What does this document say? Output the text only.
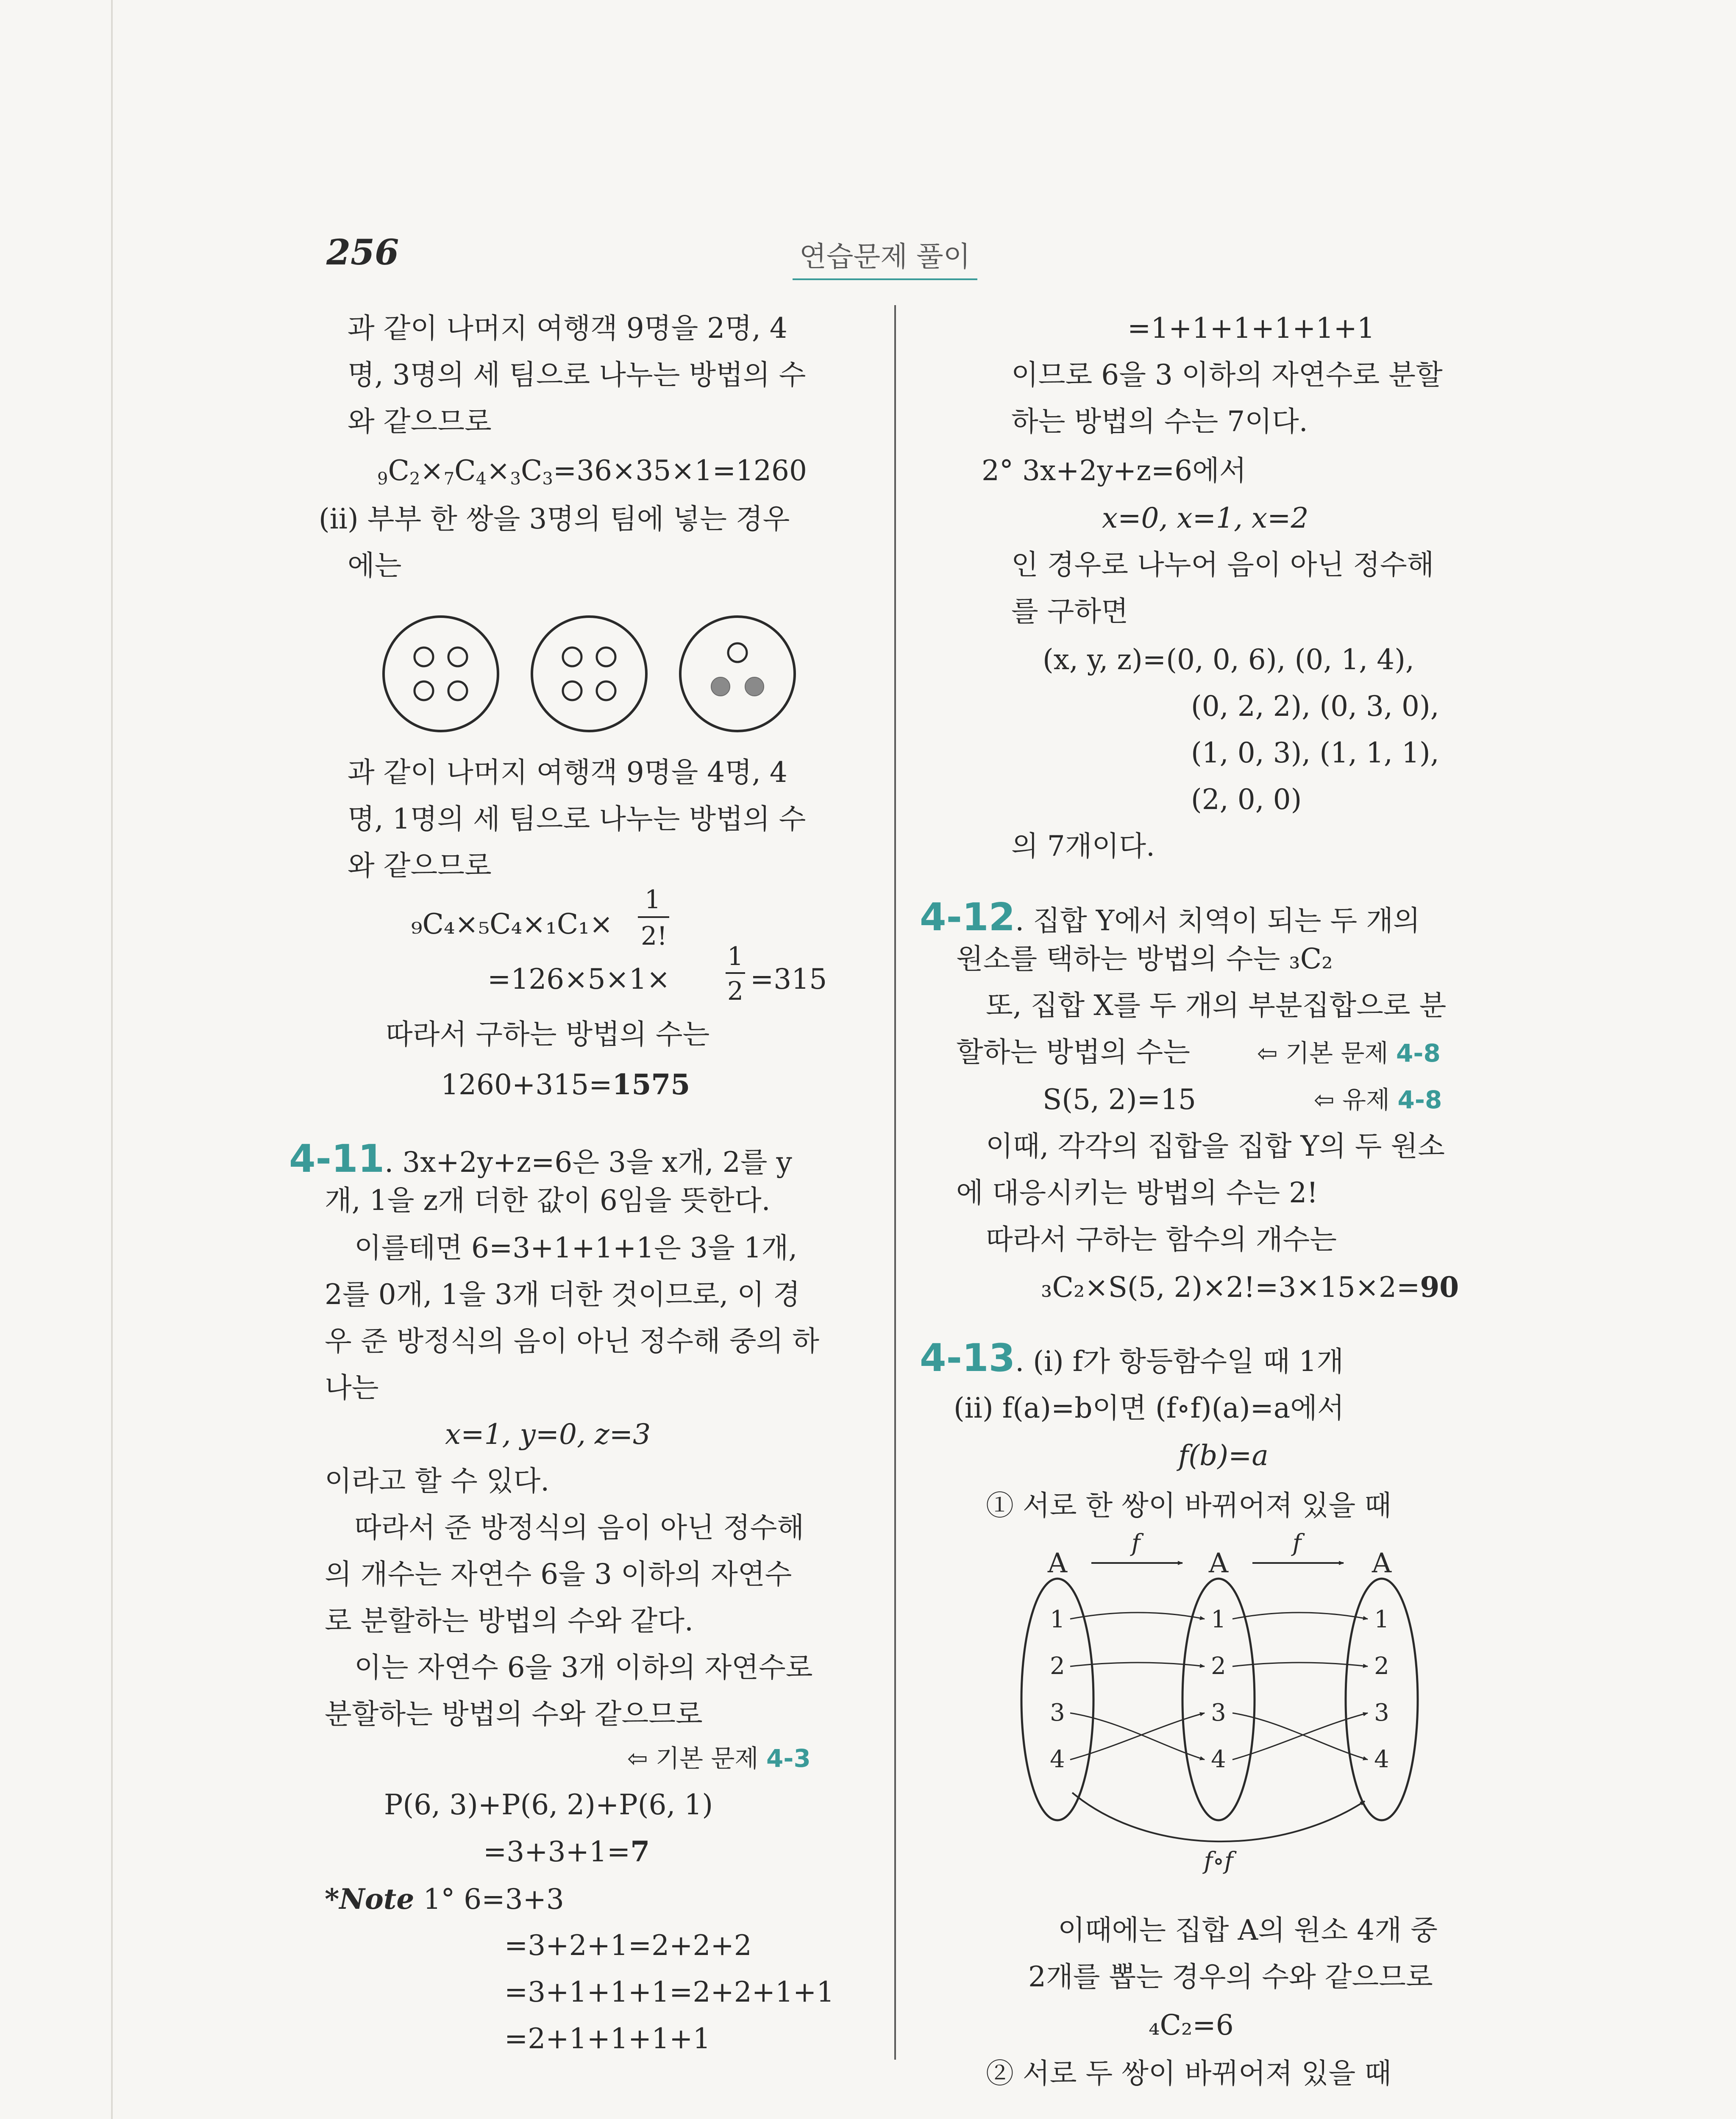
256	연습문제 풀이
과 같이 나머지 여행객 9명을 2명, 4
명, 3명의 세 팀으로 나누는 방법의 수
와 같으므로
$_9C_2\times_7C_4\times_3C_3=36\times 35\times 1=1260$
(ii) 부부 한 쌍을 3명의 팀에 넣는 경우
에는
과 같이 나머지 여행객 9명을 4명, 4
명, 1명의 세 팀으로 나누는 방법의 수
와 같으므로
₉C₄×₅C₄×₁C₁×
1
2!
=126×5×1×
1
2 =315
따라서 구하는 방법의 수는
1260+315=1575
4-11. 3x+2y+z=6은 3을 x개, 2를 y
개, 1을 z개 더한 값이 6임을 뜻한다.
이를테면 6=3+1+1+1은 3을 1개,
2를 0개, 1을 3개 더한 것이므로, 이 경
우 준 방정식의 음이 아닌 정수해 중의 하
나는
x=1, y=0, z=3
이라고 할 수 있다.
따라서 준 방정식의 음이 아닌 정수해
의 개수는 자연수 6을 3 이하의 자연수
로 분할하는 방법의 수와 같다.
이는 자연수 6을 3개 이하의 자연수로
분할하는 방법의 수와 같으므로
⇦ 기본 문제 4-3
P(6, 3)+P(6, 2)+P(6, 1)
=3+3+1=7
*Note 1° 6=3+3
=3+2+1=2+2+2
=3+1+1+1=2+2+1+1
=2+1+1+1+1
=1+1+1+1+1+1
이므로 6을 3 이하의 자연수로 분할
하는 방법의 수는 7이다.
2° 3x+2y+z=6에서
x=0, x=1, x=2
인 경우로 나누어 음이 아닌 정수해
를 구하면
(x, y, z)=(0, 0, 6), (0, 1, 4),
(0, 2, 2), (0, 3, 0),
(1, 0, 3), (1, 1, 1),
(2, 0, 0)
의 7개이다.
4-12. 집합 Y에서 치역이 되는 두 개의
원소를 택하는 방법의 수는 ₃C₂
또, 집합 X를 두 개의 부분집합으로 분
할하는 방법의 수는	⇦ 기본 문제 4-8
S(5, 2)=15	⇦ 유제 4-8
이때, 각각의 집합을 집합 Y의 두 원소
에 대응시키는 방법의 수는 2!
따라서 구하는 함수의 개수는
₃C₂×S(5, 2)×2!=3×15×2=90
4-13. (i) f가 항등함수일 때 1개
(ii) f(a)=b이면 (f∘f)(a)=a에서
f(b)=a
① 서로 한 쌍이 바뀌어져 있을 때
A	A	A
f	f
1
2
3
4
1
2
3
4
1
2
3
4
f∘f
이때에는 집합 A의 원소 4개 중
2개를 뽑는 경우의 수와 같으므로
₄C₂=6
② 서로 두 쌍이 바뀌어져 있을 때
